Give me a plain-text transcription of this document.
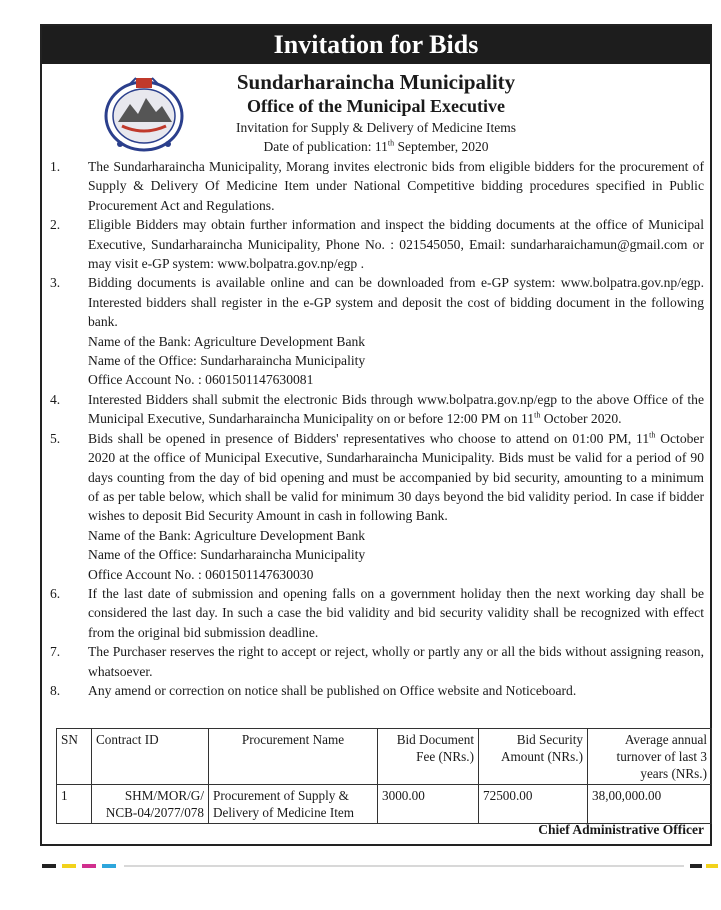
Invitation for Bids
Sundarharaincha Municipality
Office of the Municipal Executive
Invitation for Supply & Delivery of Medicine Items
Date of publication: 11th September, 2020
1. The Sundarharaincha Municipality, Morang invites electronic bids from eligible bidders for the procurement of Supply & Delivery Of Medicine Item under National Competitive bidding procedures specified in Public Procurement Act and Regulations.

2. Eligible Bidders may obtain further information and inspect the bidding documents at the office of Municipal Executive, Sundarharaincha Municipality, Phone No. : 021545050, Email: sundarharaichamun@gmail.com or may visit e-GP system: www.bolpatra.gov.np/egp .

3. Bidding documents is available online and can be downloaded from e-GP system: www.bolpatra.gov.np/egp. Interested bidders shall register in the e-GP system and deposit the cost of bidding document in the following bank.

Name of the Bank: Agriculture Development Bank

Name of the Office: Sundarharaincha Municipality

Office Account No. : 0601501147630081

4. Interested Bidders shall submit the electronic Bids through www.bolpatra.gov.np/egp to the above Office of the Municipal Executive, Sundarharaincha Municipality on or before 12:00 PM on 11th October 2020.

5. Bids shall be opened in presence of Bidders' representatives who choose to attend on 01:00 PM, 11th October 2020 at the office of Municipal Executive, Sundarharaincha Municipality. Bids must be valid for a period of 90 days counting from the day of bid opening and must be accompanied by bid security, amounting to a minimum of as per table below, which shall be valid for minimum 30 days beyond the bid validity period. In case if bidder wishes to deposit Bid Security Amount in cash in following Bank.

Name of the Bank: Agriculture Development Bank

Name of the Office: Sundarharaincha Municipality

Office Account No. : 0601501147630030

6. If the last date of submission and opening falls on a government holiday then the next working day shall be considered the last day. In such a case the bid validity and bid security validity shall be recognized with effect from the original bid submission deadline.

7. The Purchaser reserves the right to accept or reject, wholly or partly any or all the bids without assigning reason, whatsoever.

8. Any amend or correction on notice shall be published on Office website and Noticeboard.

SN	Contract ID	Procurement Name	Bid Document Fee (NRs.)	Bid Security Amount (NRs.)	Average annual turnover of last 3 years (NRs.)
1	SHM/MOR/G/ NCB-04/2077/078	Procurement of Supply & Delivery of Medicine Item	3000.00	72500.00	38,00,000.00
Chief Administrative Officer
